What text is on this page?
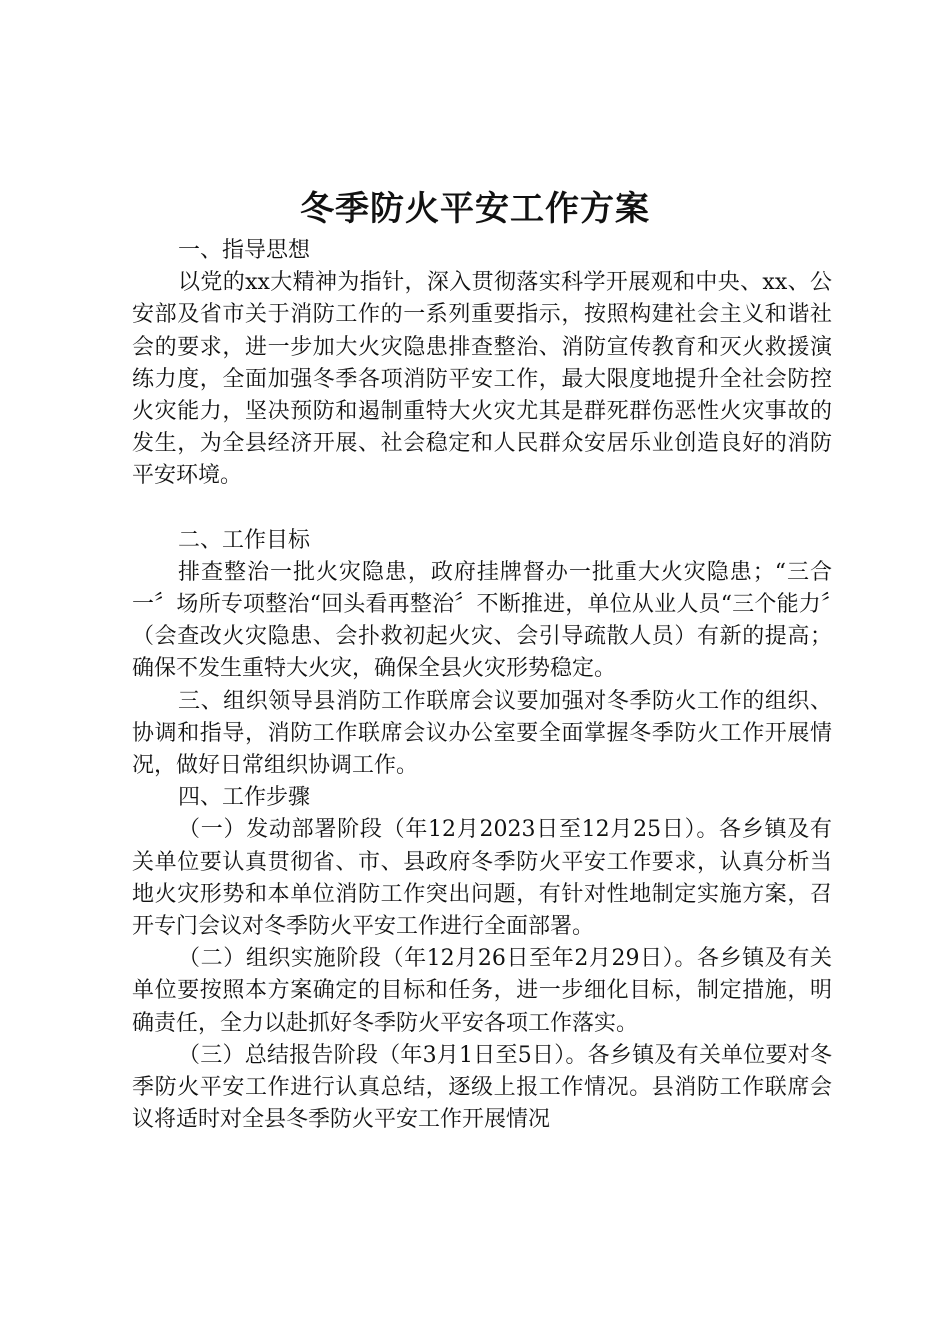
冬季防火平安工作方案

一、指导思想

以党的xx大精神为指针，深入贯彻落实科学开展观和中央、xx、公安部及省市关于消防工作的一系列重要指示，按照构建社会主义和谐社会的要求，进一步加大火灾隐患排查整治、消防宣传教育和灭火救援演练力度，全面加强冬季各项消防平安工作，最大限度地提升全社会防控火灾能力，坚决预防和遏制重特大火灾尤其是群死群伤恶性火灾事故的发生，为全县经济开展、社会稳定和人民群众安居乐业创造良好的消防平安环境。

二、工作目标

排查整治一批火灾隐患，政府挂牌督办一批重大火灾隐患；“三合一〞场所专项整治“回头看再整治〞不断推进，单位从业人员“三个能力〞（会查改火灾隐患、会扑救初起火灾、会引导疏散人员）有新的提高；确保不发生重特大火灾，确保全县火灾形势稳定。

三、组织领导县消防工作联席会议要加强对冬季防火工作的组织、协调和指导，消防工作联席会议办公室要全面掌握冬季防火工作开展情况，做好日常组织协调工作。

四、工作步骤

（一）发动部署阶段（年12月2023日至12月25日）。各乡镇及有关单位要认真贯彻省、市、县政府冬季防火平安工作要求，认真分析当地火灾形势和本单位消防工作突出问题，有针对性地制定实施方案，召开专门会议对冬季防火平安工作进行全面部署。

（二）组织实施阶段（年12月26日至年2月29日）。各乡镇及有关单位要按照本方案确定的目标和任务，进一步细化目标，制定措施，明确责任，全力以赴抓好冬季防火平安各项工作落实。

（三）总结报告阶段（年3月1日至5日）。各乡镇及有关单位要对冬季防火平安工作进行认真总结，逐级上报工作情况。县消防工作联席会议将适时对全县冬季防火平安工作开展情况
